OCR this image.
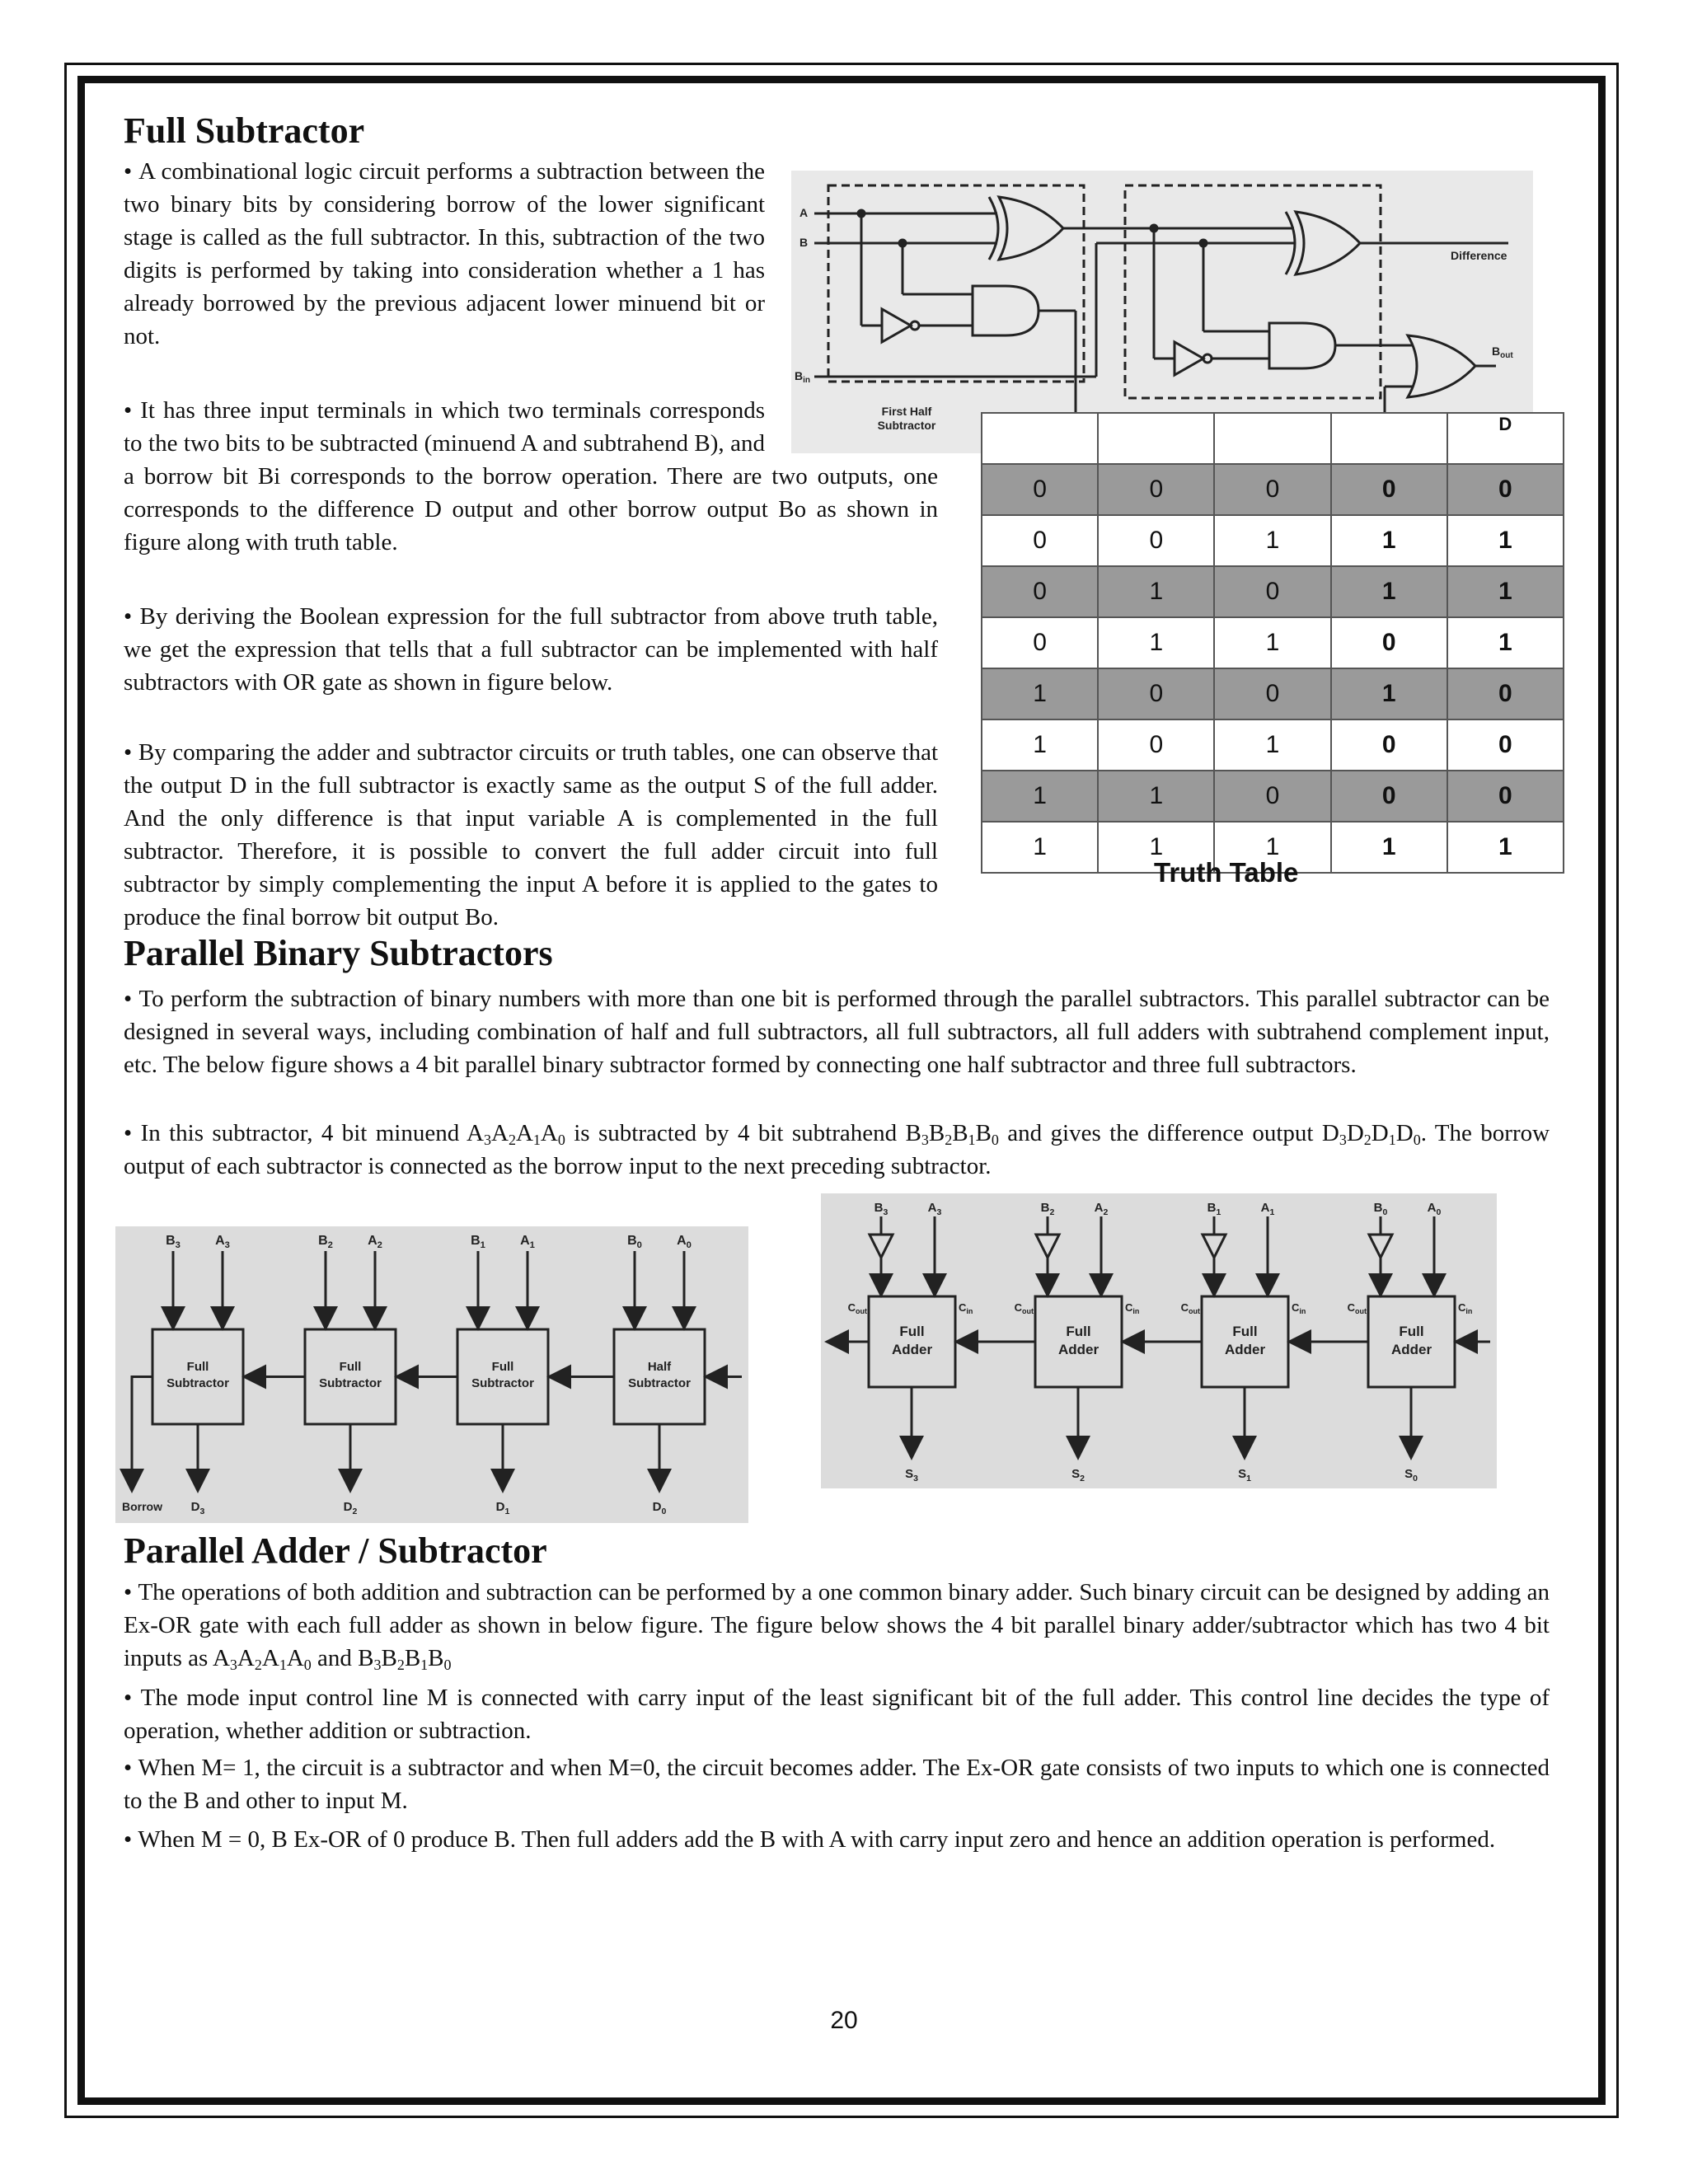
Full Subtractor

• A combinational logic circuit performs a subtraction between the two binary bits by considering borrow of the lower significant stage is called as the full subtractor. In this, subtraction of the two digits is performed by taking into consideration whether a 1 has already borrowed by the previous adjacent lower minuend bit or not.

A
B
$B_{in}$
Difference
$B_{out}$
First Half
Subtractor
• It has three input terminals in which two terminals corresponds to the two bits to be subtracted (minuend A and subtrahend B), and a borrow bit Bi corresponds to the borrow operation. There are two outputs, one corresponds to the difference D output and other borrow output Bo as shown in figure along with truth table.

• By deriving the Boolean expression for the full subtractor from above truth table, we get the expression that tells that a full subtractor can be implemented with half subtractors with OR gate as shown in figure below.

• By comparing the adder and subtractor circuits or truth tables, one can observe that the output D in the full subtractor is exactly same as the output S of the full adder. And the only difference is that input variable A is complemented in the full subtractor. Therefore, it is possible to convert the full adder circuit into full subtractor by simply complementing the input A before it is applied to the gates to produce the final borrow bit output Bo.
				D
0	0	0	0	0
0	0	1	1	1
0	1	0	1	1
0	1	1	0	1
1	0	0	1	0
1	0	1	0	0
1	1	0	0	0
1	1	1	1	1
Truth Table
Parallel Binary Subtractors

• To perform the subtraction of binary numbers with more than one bit is performed through the parallel subtractors. This parallel subtractor can be designed in several ways, including combination of half and full subtractors, all full subtractors, all full adders with subtrahend complement input, etc. The below figure shows a 4 bit parallel binary subtractor formed by connecting one half subtractor and three full subtractors.

• In this subtractor, 4 bit minuend $A_3A_2A_1A_0$ is subtracted by 4 bit subtrahend $B_3B_2B_1B_0$ and gives the difference output $D_3D_2D_1D_0$. The borrow output of each subtractor is connected as the borrow input to the next preceding subtractor.

Full
Subtractor
$B_3$	$A_3$
$D_3$
Full
Subtractor
$B_2$	$A_2$
$D_2$
Full
Subtractor
$B_1$	$A_1$
$D_1$
Half
Subtractor
$B_0$	$A_0$
$D_0$
Borrow
Full
Adder
$B_3$	$A_3$
$S_3$
$C_{out}$	$C_{in}$
Full
Adder
$B_2$	$A_2$
$S_2$
$C_{out}$	$C_{in}$
Full
Adder
$B_1$	$A_1$
$S_1$
$C_{out}$	$C_{in}$
Full
Adder
$B_0$	$A_0$
$S_0$
$C_{out}$	$C_{in}$
Parallel Adder / Subtractor

• The operations of both addition and subtraction can be performed by a one common binary adder. Such binary circuit can be designed by adding an Ex-OR gate with each full adder as shown in below figure. The figure below shows the 4 bit parallel binary adder/subtractor which has two 4 bit inputs as $A_3A_2A_1A_0$ and $B_3B_2B_1B_0$

• The mode input control line M is connected with carry input of the least significant bit of the full adder. This control line decides the type of operation, whether addition or subtraction.

• When M= 1, the circuit is a subtractor and when M=0, the circuit becomes adder. The Ex-OR gate consists of two inputs to which one is connected to the B and other to input M.

• When M = 0, B Ex-OR of 0 produce B. Then full adders add the B with A with carry input zero and hence an addition operation is performed.

20
